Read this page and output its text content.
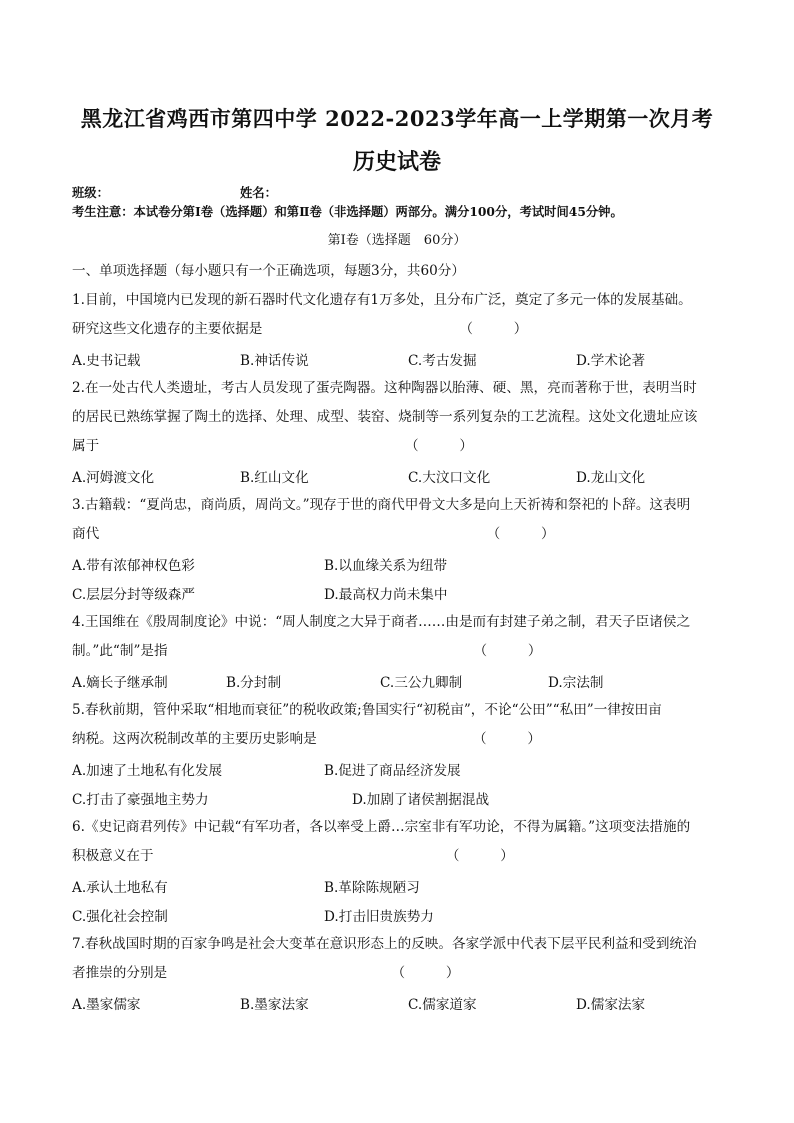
黑龙江省鸡西市第四中学 2022-2023学年高一上学期第一次月考
历史试卷
班级：	姓名：
考生注意：本试卷分第Ⅰ卷（选择题）和第Ⅱ卷（非选择题）两部分。满分100分，考试时间45分钟。
第Ⅰ卷（选择题　60分）
一、单项选择题（每小题只有一个正确选项，每题3分，共60分）
1.目前，中国境内已发现的新石器时代文化遗存有1万多处，且分布广泛，奠定了多元一体的发展基础。
研究这些文化遗存的主要依据是　　　　　　　　　　　　　　　（　　　）
A.史书记载	B.神话传说	C.考古发掘	D.学术论著
2.在一处古代人类遗址，考古人员发现了蛋壳陶器。这种陶器以胎薄、硬、黑，亮而著称于世，表明当时
的居民已熟练掌握了陶土的选择、处理、成型、装窑、烧制等一系列复杂的工艺流程。这处文化遗址应该
属于　　　　　　　　　　　　　　　　　　　　　　　（　　　）
A.河姆渡文化	B.红山文化	C.大汶口文化	D.龙山文化
3.古籍载：“夏尚忠，商尚质，周尚文。”现存于世的商代甲骨文大多是向上天祈祷和祭祀的卜辞。这表明
商代　　　　　　　　　　　　　　　　　　　　　　　　　　　　　（　　　）
A.带有浓郁神权色彩	B.以血缘关系为纽带
C.层层分封等级森严	D.最高权力尚未集中
4.王国维在《殷周制度论》中说：“周人制度之大异于商者……由是而有封建子弟之制，君天子臣诸侯之
制。”此“制”是指　　　　　　　　　　　　　　　　　　　　　　　（　　　）
A.嫡长子继承制	B.分封制	C.三公九卿制	D.宗法制
5.春秋前期，管仲采取“相地而衰征”的税收政策;鲁国实行“初税亩”，不论“公田”“私田”一律按田亩
纳税。这两次税制改革的主要历史影响是　　　　　　　　　　　　（　　　）
A.加速了土地私有化发展	B.促进了商品经济发展
C.打击了豪强地主势力	D.加剧了诸侯割据混战
6.《史记商君列传》中记载“有军功者，各以率受上爵…宗室非有军功论，不得为属籍。”这项变法措施的
积极意义在于　　　　　　　　　　　　　　　　　　　　　　（　　　）
A.承认土地私有	B.革除陈规陋习
C.强化社会控制	D.打击旧贵族势力
7.春秋战国时期的百家争鸣是社会大变革在意识形态上的反映。各家学派中代表下层平民利益和受到统治
者推崇的分别是　　　　　　　　　　　　　　　　　（　　　）
A.墨家儒家	B.墨家法家	C.儒家道家	D.儒家法家
